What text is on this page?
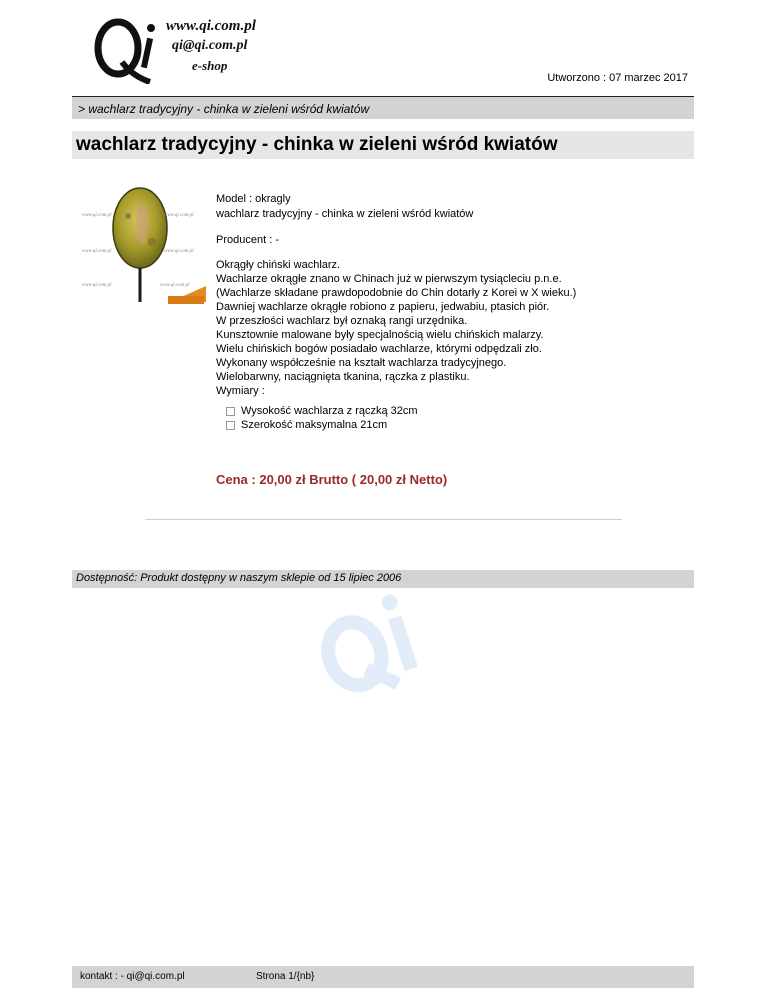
www.qi.com.pl
qi@qi.com.pl
e-shop
Utworzono : 07 marzec 2017
> wachlarz tradycyjny - chinka w zieleni wśród kwiatów
wachlarz tradycyjny - chinka w zieleni wśród kwiatów
www.qi.com.pl	www.qi.com.pl
www.qi.com.pl	www.qi.com.pl
www.qi.com.pl	www.qi.com.pl
Model : okragly
wachlarz tradycyjny - chinka w zieleni wśród kwiatów
Producent : -

Okrągły chiński wachlarz.

Wachlarze okrągłe znano w Chinach już w pierwszym tysiącleciu p.n.e.

(Wachlarze składane prawdopodobnie do Chin dotarły z Korei w X wieku.)

Dawniej wachlarze okrągłe robiono z papieru, jedwabiu, ptasich piór.

W przeszłości wachlarz był oznaką rangi urzędnika.

Kunsztownie malowane były specjalnością wielu chińskich malarzy.

Wielu chińskich bogów posiadało wachlarze, którymi odpędzali zło.

Wykonany współcześnie na kształt wachlarza tradycyjnego.

Wielobarwny, naciągnięta tkanina, rączka z plastiku.

Wymiary :

Wysokość wachlarza z rączką 32cm
Szerokość maksymalna 21cm
Cena : 20,00 zł Brutto ( 20,00 zł Netto)
Dostępność: Produkt dostępny w naszym sklepie od 15 lipiec 2006
kontakt : - qi@qi.com.pl	Strona 1/{nb}
